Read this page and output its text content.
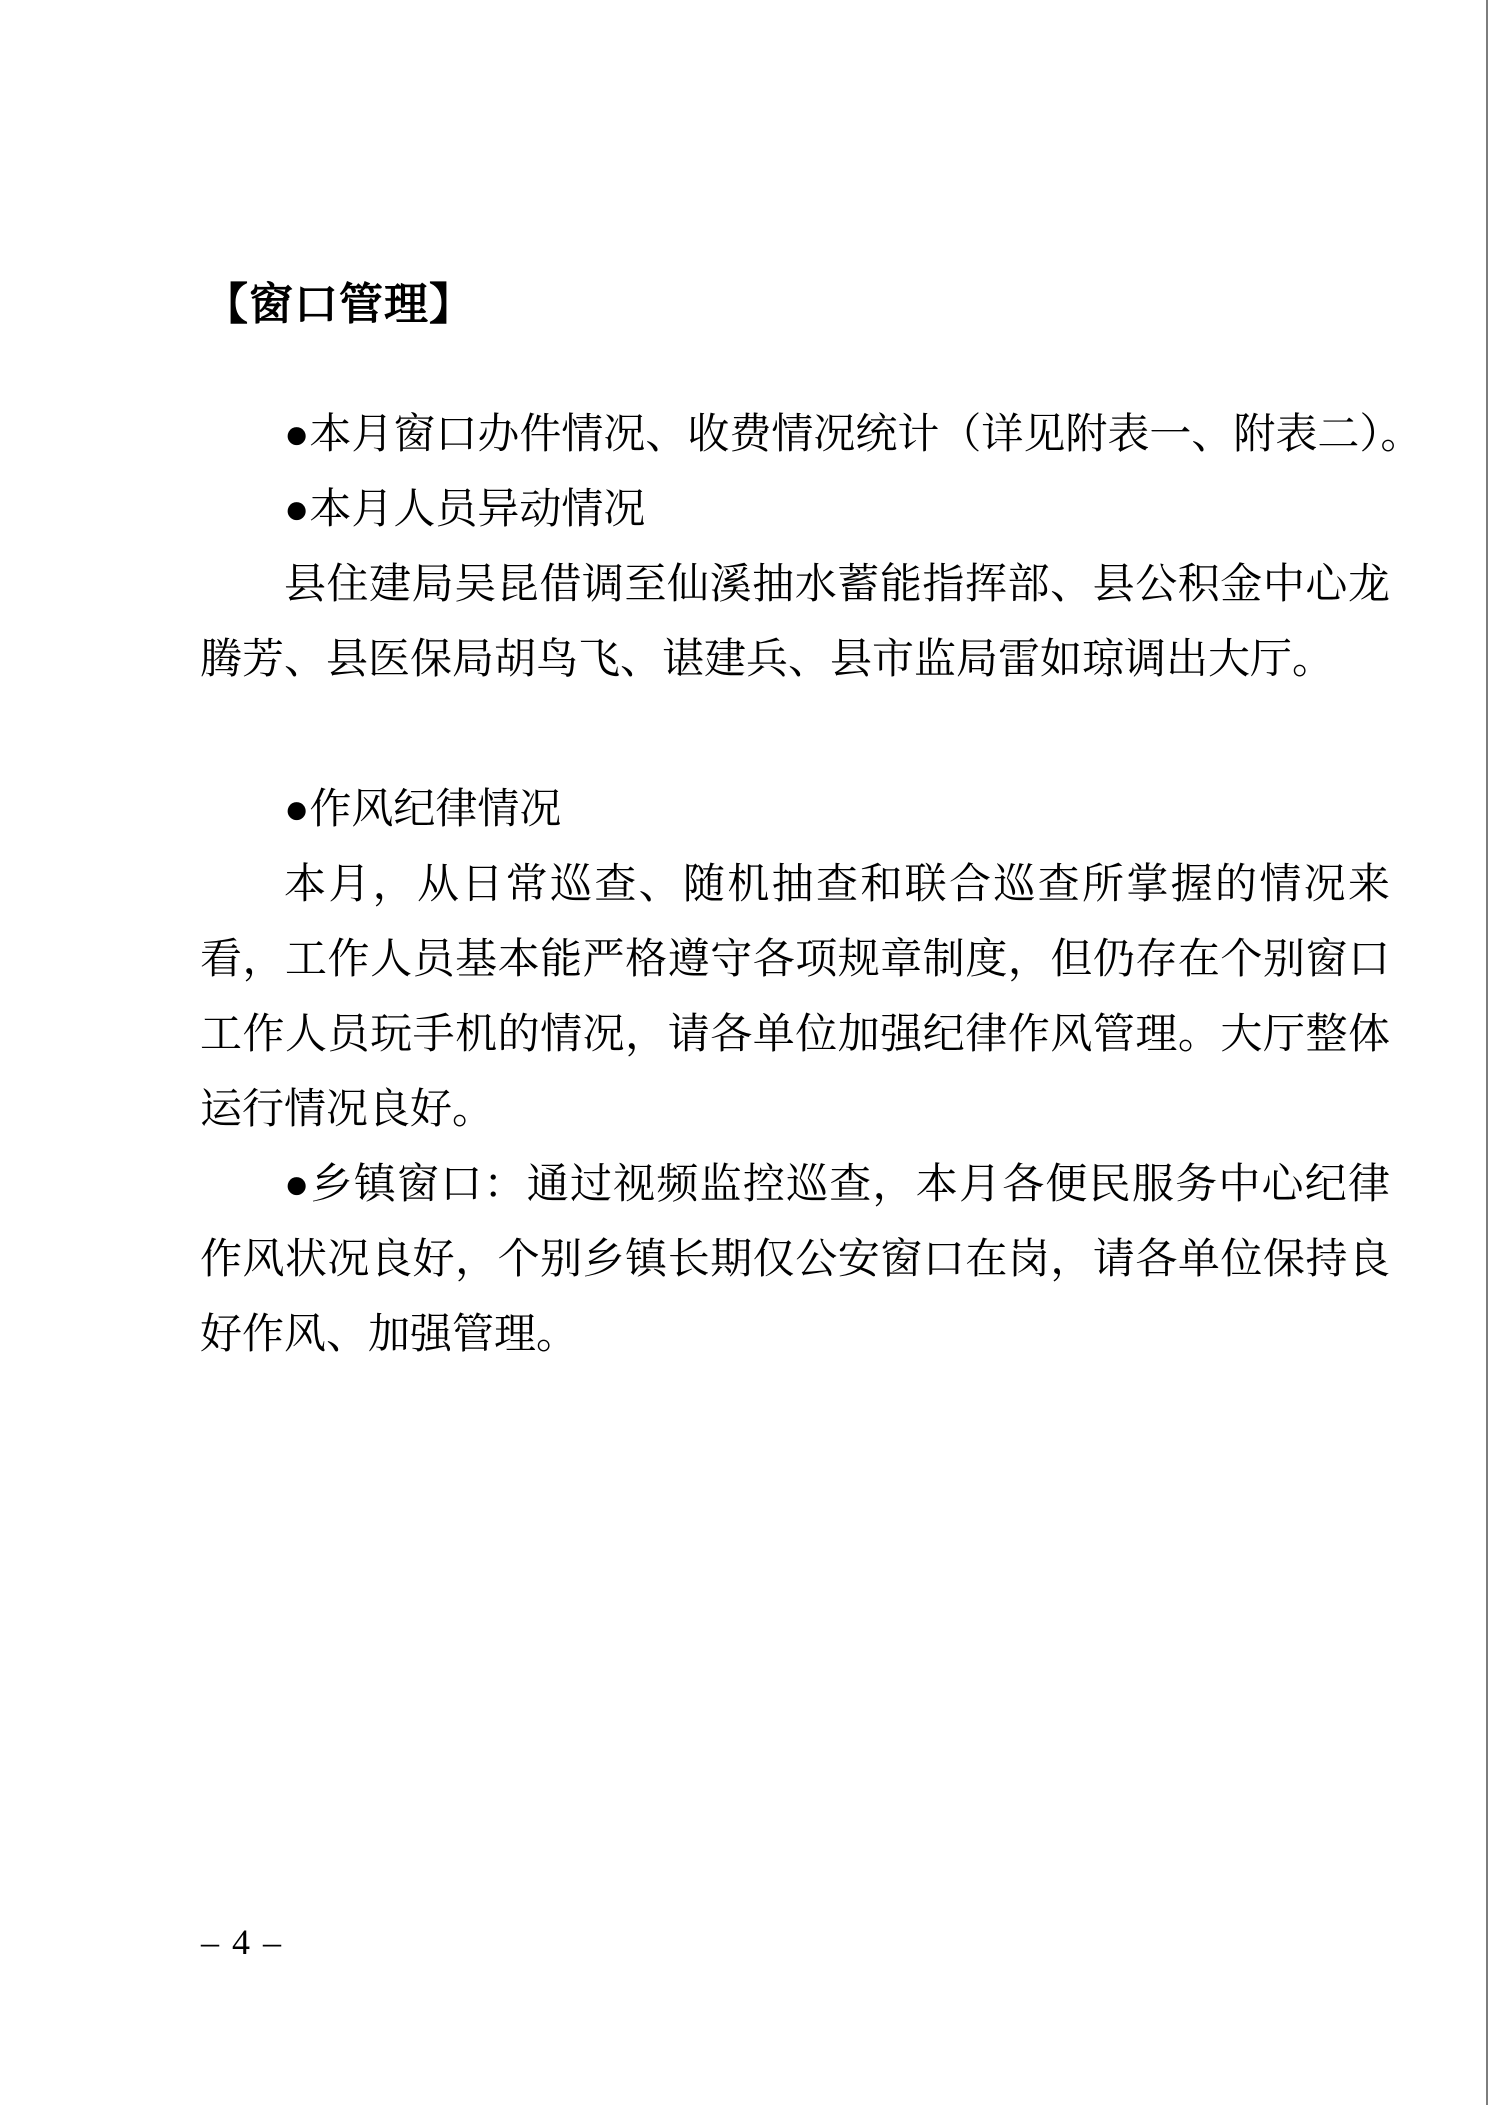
【窗口管理】

●本月窗口办件情况、收费情况统计（详见附表一、附表二）。

●本月人员异动情况

县住建局吴昆借调至仙溪抽水蓄能指挥部、县公积金中心龙腾芳、县医保局胡鸟飞、谌建兵、县市监局雷如琼调出大厅。

●作风纪律情况

本月，从日常巡查、随机抽查和联合巡查所掌握的情况来看，工作人员基本能严格遵守各项规章制度，但仍存在个别窗口工作人员玩手机的情况，请各单位加强纪律作风管理。大厅整体运行情况良好。

●乡镇窗口：通过视频监控巡查，本月各便民服务中心纪律作风状况良好，个别乡镇长期仅公安窗口在岗，请各单位保持良好作风、加强管理。

– 4 –
